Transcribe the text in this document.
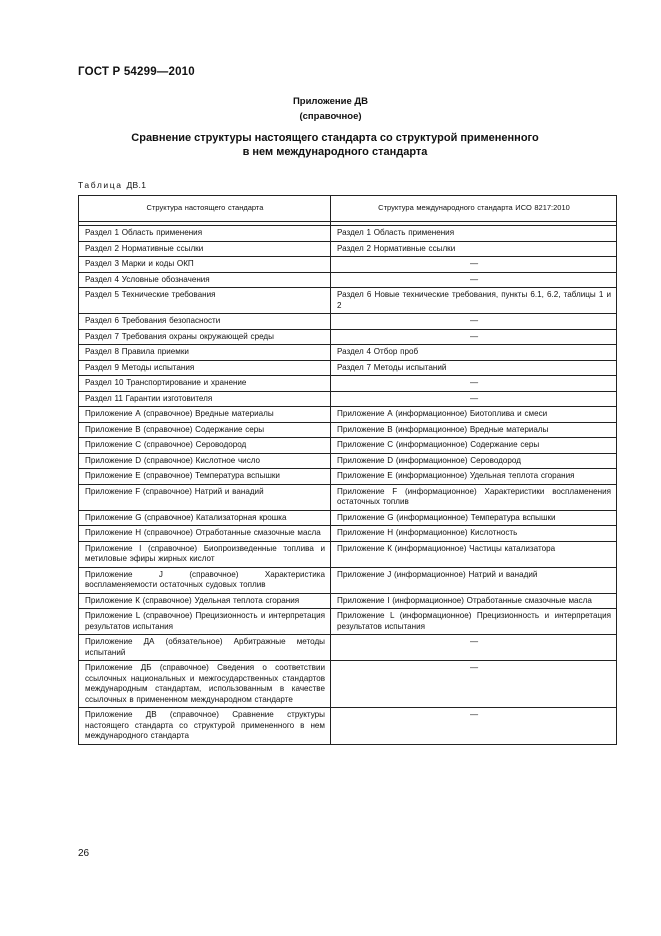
ГОСТ Р 54299—2010
Приложение ДВ
(справочное)
Сравнение структуры настоящего стандарта со структурой примененного
в нем международного стандарта
Таблица ДВ.1
Структура настоящего стандарта	Структура международного стандарта ИСО 8217:2010

Раздел 1 Область применения	Раздел 1 Область применения
Раздел 2 Нормативные ссылки	Раздел 2 Нормативные ссылки
Раздел 3 Марки и коды ОКП	—
Раздел 4 Условные обозначения	—
Раздел 5 Технические требования	Раздел 6 Новые технические требования, пункты 6.1, 6.2, таблицы 1 и 2
Раздел 6 Требования безопасности	—
Раздел 7 Требования охраны окружающей среды	—
Раздел 8 Правила приемки	Раздел 4 Отбор проб
Раздел 9 Методы испытания	Раздел 7 Методы испытаний
Раздел 10 Транспортирование и хранение	—
Раздел 11 Гарантии изготовителя	—
Приложение А (справочное) Вредные материалы	Приложение А (информационное) Биотоплива и смеси
Приложение В (справочное) Содержание серы	Приложение В (информационное) Вредные материалы
Приложение С (справочное) Сероводород	Приложение С (информационное) Содержание серы
Приложение D (справочное) Кислотное число	Приложение D (информационное) Сероводород
Приложение Е (справочное) Температура вспышки	Приложение Е (информационное) Удельная теплота сгорания
Приложение F (справочное) Натрий и ванадий	Приложение F (информационное) Характеристики воспламенения остаточных топлив
Приложение G (справочное) Катализаторная крошка	Приложение G (информационное) Температура вспышки
Приложение Н (справочное) Отработанные смазочные масла	Приложение Н (информационное) Кислотность
Приложение I (справочное) Биопроизведенные топлива и метиловые эфиры жирных кислот	Приложение К (информационное) Частицы катализатора
Приложение J (справочное) Характеристика воспламеняемости остаточных судовых топлив	Приложение J (информационное) Натрий и ванадий
Приложение К (справочное) Удельная теплота сгорания	Приложение I (информационное) Отработанные смазочные масла
Приложение L (справочное) Прецизионность и интерпретация результатов испытания	Приложение L (информационное) Прецизионность и интерпретация результатов испытания
Приложение ДА (обязательное) Арбитражные методы испытаний	—
Приложение ДБ (справочное) Сведения о соответствии ссылочных национальных и межгосударственных стандартов международным стандартам, использованным в качестве ссылочных в примененном международном стандарте	—
Приложение ДВ (справочное) Сравнение структуры настоящего стандарта со структурой примененного в нем международного стандарта	—
26
